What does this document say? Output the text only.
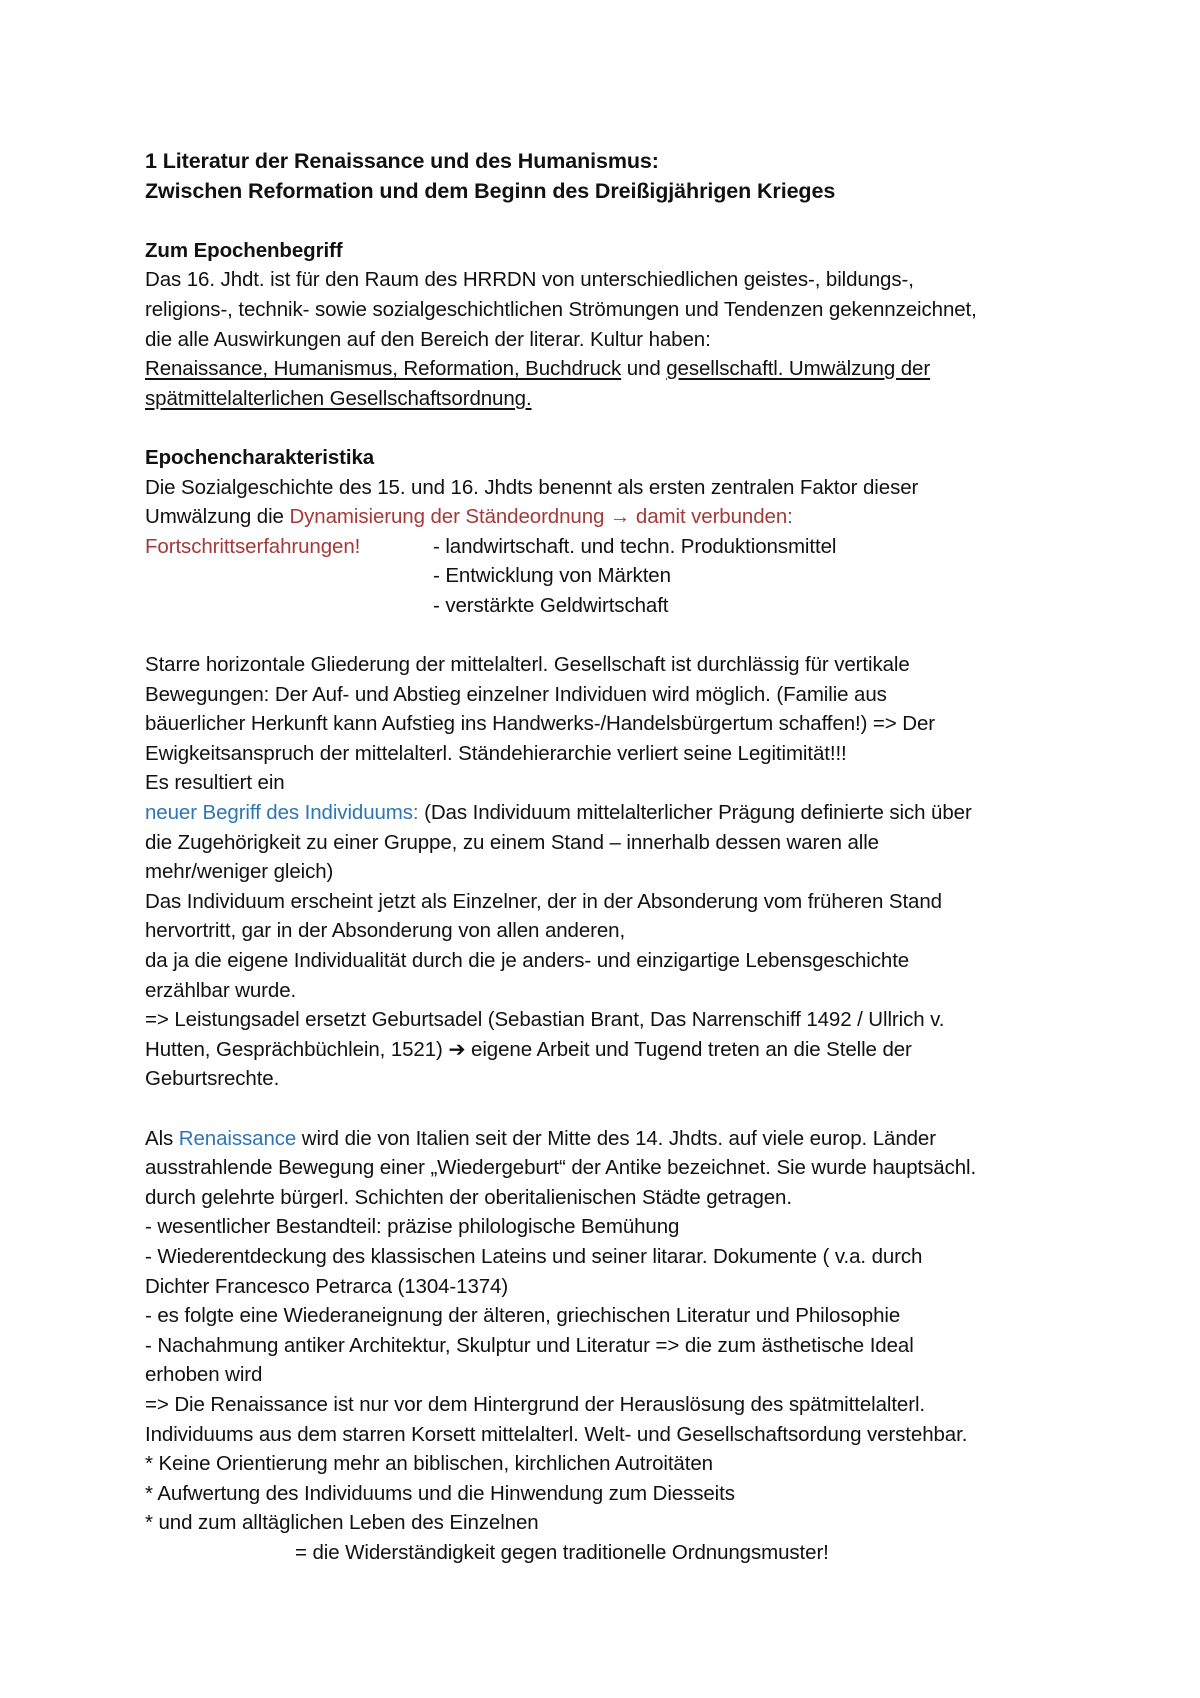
1 Literatur der Renaissance und des Humanismus:
Zwischen Reformation und dem Beginn des Dreißigjährigen Krieges
Zum Epochenbegriff
Das 16. Jhdt. ist für den Raum des HRRDN von unterschiedlichen geistes-, bildungs-,
religions-, technik- sowie sozialgeschichtlichen Strömungen und Tendenzen gekennzeichnet,
die alle Auswirkungen auf den Bereich der literar. Kultur haben:
Renaissance, Humanismus, Reformation, Buchdruck und gesellschaftl. Umwälzung der
spätmittelalterlichen Gesellschaftsordnung.
Epochencharakteristika
Die Sozialgeschichte des 15. und 16. Jhdts benennt als ersten zentralen Faktor dieser
Umwälzung die Dynamisierung der Ständeordnung → damit verbunden:
Fortschrittserfahrungen!	- landwirtschaft. und techn. Produktionsmittel
- Entwicklung von Märkten
- verstärkte Geldwirtschaft
Starre horizontale Gliederung der mittelalterl. Gesellschaft ist durchlässig für vertikale
Bewegungen: Der Auf- und Abstieg einzelner Individuen wird möglich. (Familie aus
bäuerlicher Herkunft kann Aufstieg ins Handwerks-/Handelsbürgertum schaffen!) => Der
Ewigkeitsanspruch der mittelalterl. Ständehierarchie verliert seine Legitimität!!!
Es resultiert ein
neuer Begriff des Individuums: (Das Individuum mittelalterlicher Prägung definierte sich über
die Zugehörigkeit zu einer Gruppe, zu einem Stand – innerhalb dessen waren alle
mehr/weniger gleich)
Das Individuum erscheint jetzt als Einzelner, der in der Absonderung vom früheren Stand
hervortritt, gar in der Absonderung von allen anderen,
da ja die eigene Individualität durch die je anders- und einzigartige Lebensgeschichte
erzählbar wurde.
=> Leistungsadel ersetzt Geburtsadel (Sebastian Brant, Das Narrenschiff 1492 / Ullrich v.
Hutten, Gesprächbüchlein, 1521) ➔ eigene Arbeit und Tugend treten an die Stelle der
Geburtsrechte.
Als Renaissance wird die von Italien seit der Mitte des 14. Jhdts. auf viele europ. Länder
ausstrahlende Bewegung einer „Wiedergeburt“ der Antike bezeichnet. Sie wurde hauptsächl.
durch gelehrte bürgerl. Schichten der oberitalienischen Städte getragen.
- wesentlicher Bestandteil: präzise philologische Bemühung
- Wiederentdeckung des klassischen Lateins und seiner litarar. Dokumente ( v.a. durch
Dichter Francesco Petrarca (1304-1374)
- es folgte eine Wiederaneignung der älteren, griechischen Literatur und Philosophie
- Nachahmung antiker Architektur, Skulptur und Literatur => die zum ästhetische Ideal
erhoben wird
=> Die Renaissance ist nur vor dem Hintergrund der Herauslösung des spätmittelalterl.
Individuums aus dem starren Korsett mittelalterl. Welt- und Gesellschaftsordung verstehbar.
* Keine Orientierung mehr an biblischen, kirchlichen Autroitäten
* Aufwertung des Individuums und die Hinwendung zum Diesseits
* und zum alltäglichen Leben des Einzelnen
= die Widerständigkeit gegen traditionelle Ordnungsmuster!
